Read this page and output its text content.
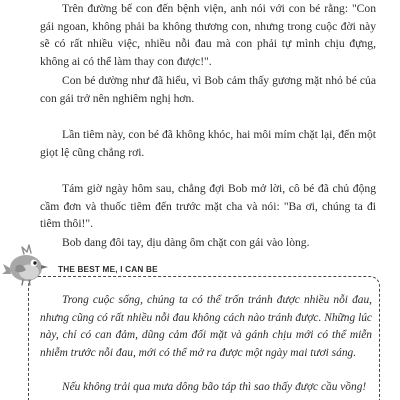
Trên đường bế con đến bệnh viện, anh nói với con bé rằng: "Con gái ngoan, không phải ba không thương con, nhưng trong cuộc đời này sẽ có rất nhiều việc, nhiều nỗi đau mà con phải tự mình chịu đựng, không ai có thể làm thay con được!".

Con bé dường như đã hiểu, vì Bob cảm thấy gương mặt nhỏ bé của con gái trở nên nghiêm nghị hơn.

Lần tiêm này, con bé đã không khóc, hai môi mím chặt lại, đến một giọt lệ cũng chẳng rơi.

Tám giờ ngày hôm sau, chẳng đợi Bob mở lời, cô bé đã chủ động cầm đơn và thuốc tiêm đến trước mặt cha và nói: "Ba ơi, chúng ta đi tiêm thôi!".

Bob dang đôi tay, dịu dàng ôm chặt con gái vào lòng.

THE BEST ME, I CAN BE

Trong cuộc sống, chúng ta có thể trốn tránh được nhiều nỗi đau, nhưng cũng có rất nhiều nỗi đau không cách nào tránh được. Những lúc này, chỉ có can đảm, dũng cảm đối mặt và gánh chịu mới có thể miễn nhiễm trước nỗi đau, mới có thể mở ra được một ngày mai tươi sáng.

Nếu không trải qua mưa dông bão táp thì sao thấy được cầu vồng!
